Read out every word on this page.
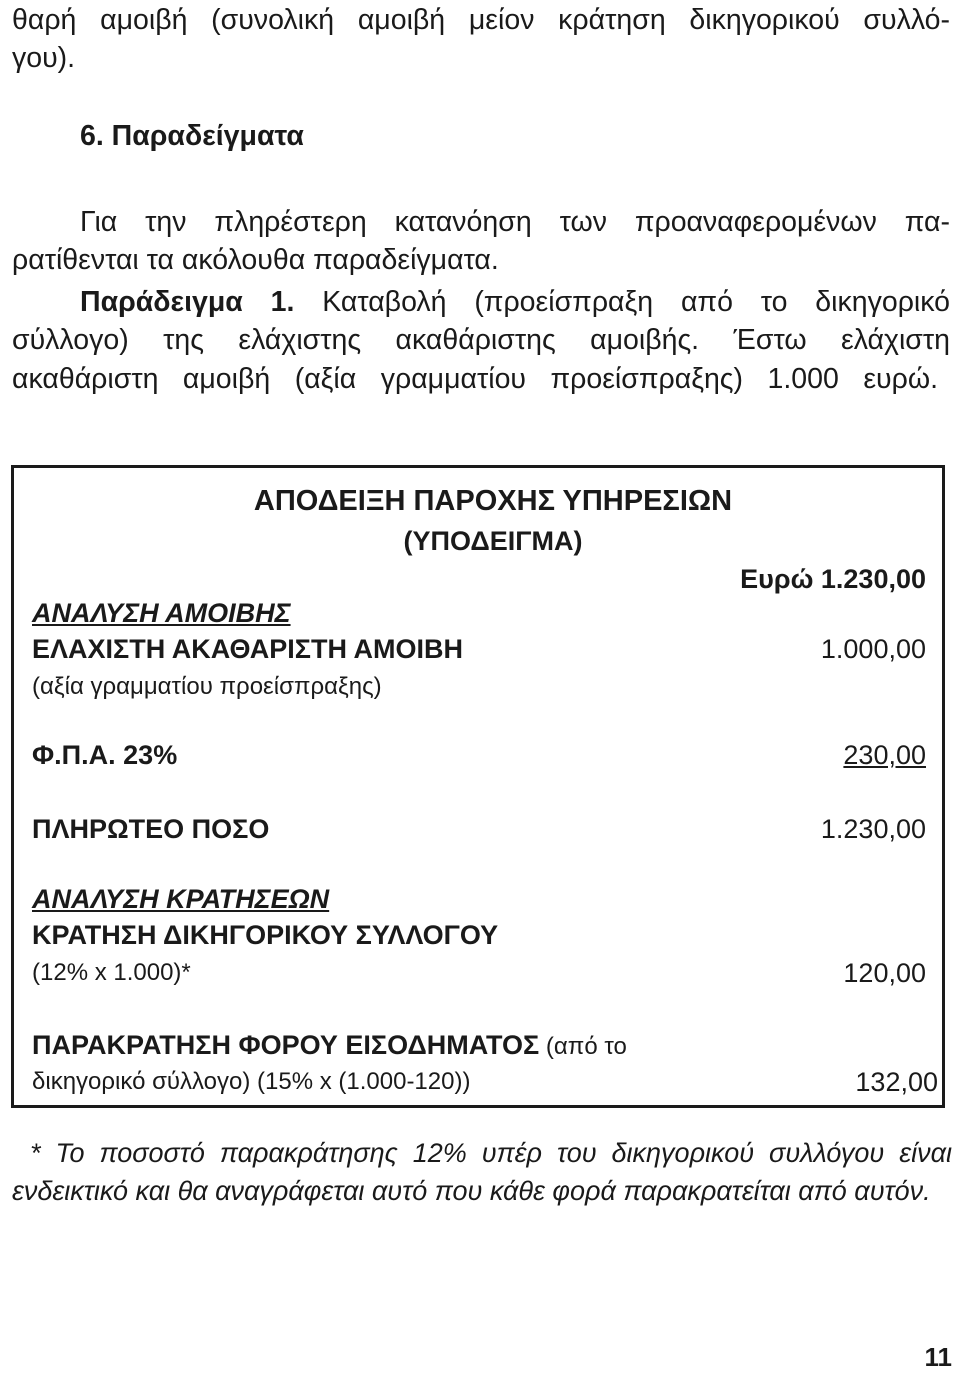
θαρή αμοιβή (συνολική αμοιβή μείον κράτηση δικηγορικού συλλό-
γου).
6. Παραδείγματα
Για την πληρέστερη κατανόηση των προαναφερομένων πα-
ρατίθενται τα ακόλουθα παραδείγματα.
Παράδειγμα 1. Καταβολή (προείσπραξη από το δικηγορικό
σύλλογο) της ελάχιστης ακαθάριστης αμοιβής. Έστω ελάχιστη
ακαθάριστη αμοιβή (αξία γραμματίου προείσπραξης) 1.000 ευρώ.
ΑΠΟΔΕΙΞΗ ΠΑΡΟΧΗΣ ΥΠΗΡΕΣΙΩΝ
(ΥΠΟΔΕΙΓΜΑ)
Ευρώ 1.230,00
ΑΝΑΛΥΣΗ ΑΜΟΙΒΗΣ
ΕΛΑΧΙΣΤΗ ΑΚΑΘΑΡΙΣΤΗ ΑΜΟΙΒΗ	1.000,00
(αξία γραμματίου προείσπραξης)
Φ.Π.Α. 23%	230,00
ΠΛΗΡΩΤΕΟ ΠΟΣΟ	1.230,00
ΑΝΑΛΥΣΗ ΚΡΑΤΗΣΕΩΝ
ΚΡΑΤΗΣΗ ΔΙΚΗΓΟΡΙΚΟΥ ΣΥΛΛΟΓΟΥ
(12% x 1.000)*	120,00
ΠΑΡΑΚΡΑΤΗΣΗ ΦΟΡΟΥ ΕΙΣΟΔΗΜΑΤΟΣ (από το
δικηγορικό σύλλογο) (15% x (1.000-120))	132,00
* Το ποσοστό παρακράτησης 12% υπέρ του δικηγορικού συλλόγου είναι ενδεικτικό και θα αναγράφεται αυτό που κάθε φορά παρακρατείται από αυτόν.
11
